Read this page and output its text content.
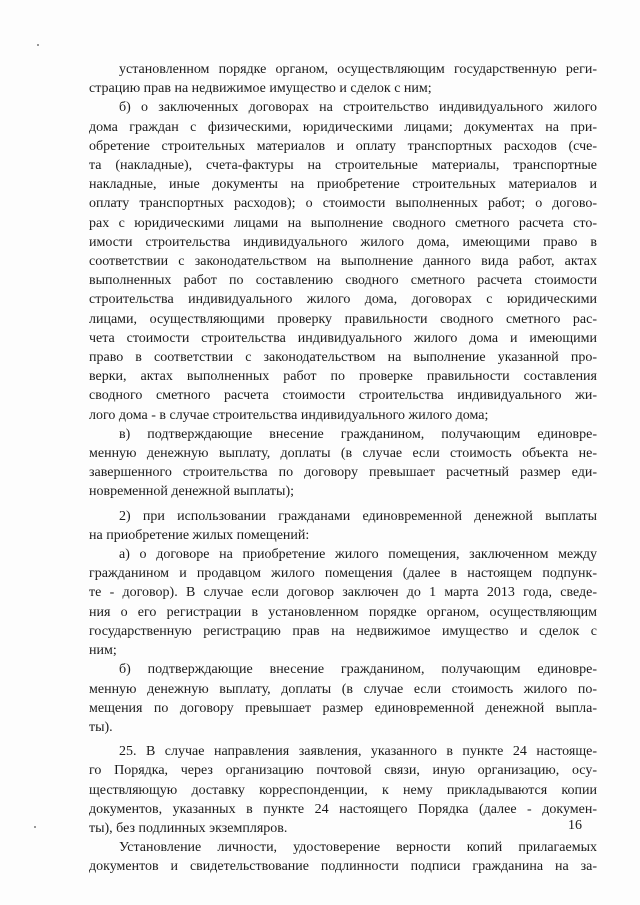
установленном порядке органом, осуществляющим государственную реги-
страцию прав на недвижимое имущество и сделок с ним;
б) о заключенных договорах на строительство индивидуального жилого
дома граждан с физическими, юридическими лицами; документах на при-
обретение строительных материалов и оплату транспортных расходов (сче-
та (накладные), счета-фактуры на строительные материалы, транспортные
накладные, иные документы на приобретение строительных материалов и
оплату транспортных расходов); о стоимости выполненных работ; о догово-
рах с юридическими лицами на выполнение сводного сметного расчета сто-
имости строительства индивидуального жилого дома, имеющими право в
соответствии с законодательством на выполнение данного вида работ, актах
выполненных работ по составлению сводного сметного расчета стоимости
строительства индивидуального жилого дома, договорах с юридическими
лицами, осуществляющими проверку правильности сводного сметного рас-
чета стоимости строительства индивидуального жилого дома и имеющими
право в соответствии с законодательством на выполнение указанной про-
верки, актах выполненных работ по проверке правильности составления
сводного сметного расчета стоимости строительства индивидуального жи-
лого дома - в случае строительства индивидуального жилого дома;
в) подтверждающие внесение гражданином, получающим единовре-
менную денежную выплату, доплаты (в случае если стоимость объекта не-
завершенного строительства по договору превышает расчетный размер еди-
новременной денежной выплаты);
2) при использовании гражданами единовременной денежной выплаты
на приобретение жилых помещений:
а) о договоре на приобретение жилого помещения, заключенном между
гражданином и продавцом жилого помещения (далее в настоящем подпунк-
те - договор). В случае если договор заключен до 1 марта 2013 года, сведе-
ния о его регистрации в установленном порядке органом, осуществляющим
государственную регистрацию прав на недвижимое имущество и сделок с
ним;
б) подтверждающие внесение гражданином, получающим единовре-
менную денежную выплату, доплаты (в случае если стоимость жилого по-
мещения по договору превышает размер единовременной денежной выпла-
ты).
25. В случае направления заявления, указанного в пункте 24 настояще-
го Порядка, через организацию почтовой связи, иную организацию, осу-
ществляющую доставку корреспонденции, к нему прикладываются копии
документов, указанных в пункте 24 настоящего Порядка (далее - докумен-
ты), без подлинных экземпляров.
Установление личности, удостоверение верности копий прилагаемых
документов и свидетельствование подлинности подписи гражданина на за-
16
